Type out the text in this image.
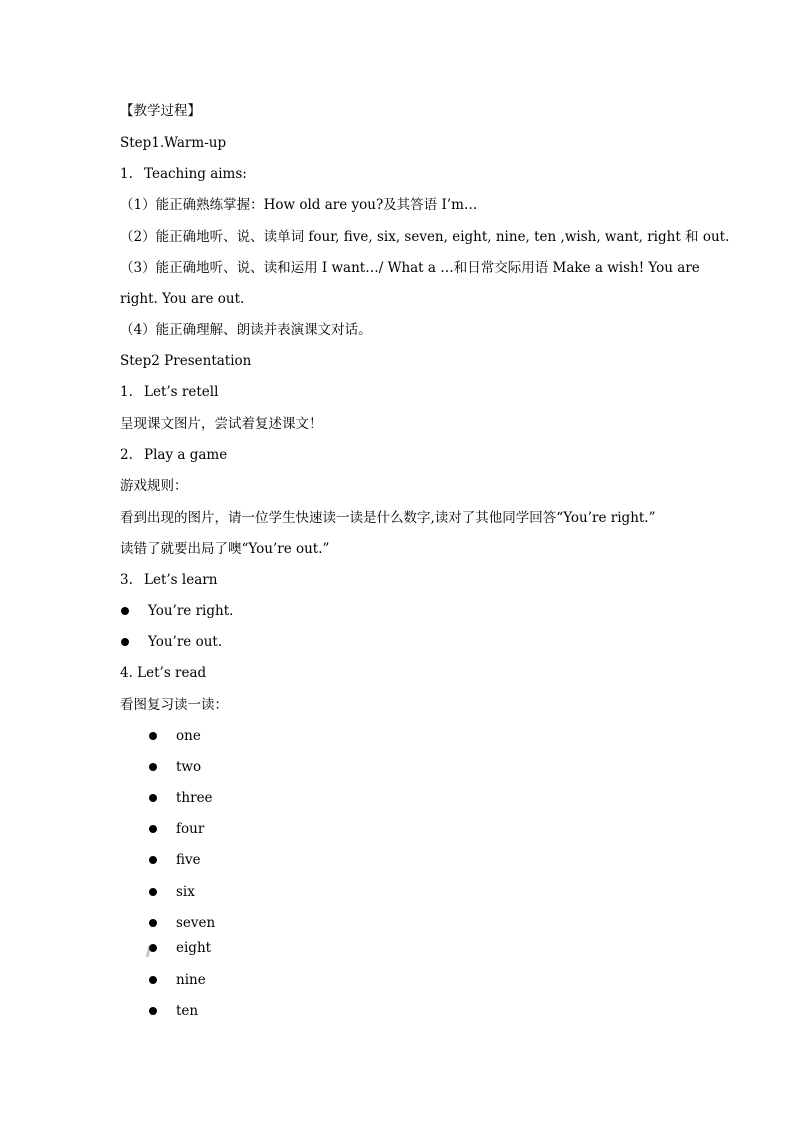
【教学过程】
Step1.Warm-up
1. Teaching aims:
（1）能正确熟练掌握：How old are you?及其答语 I’m…
（2）能正确地听、说、读单词 four, five, six, seven, eight, nine, ten ,wish, want, right 和 out.
（3）能正确地听、说、读和运用 I want…/ What a …和日常交际用语 Make a wish! You are
right. You are out.
（4）能正确理解、朗读并表演课文对话。
Step2 Presentation
1. Let’s retell
呈现课文图片，尝试着复述课文！
2. Play a game
游戏规则：
看到出现的图片，请一位学生快速读一读是什么数字,读对了其他同学回答“You’re right.”
读错了就要出局了噢“You’re out.”
3. Let’s learn
You’re right.
You’re out.
4. Let’s read
看图复习读一读：
one
two
three
four
five
six
seven
eight
nine
ten
